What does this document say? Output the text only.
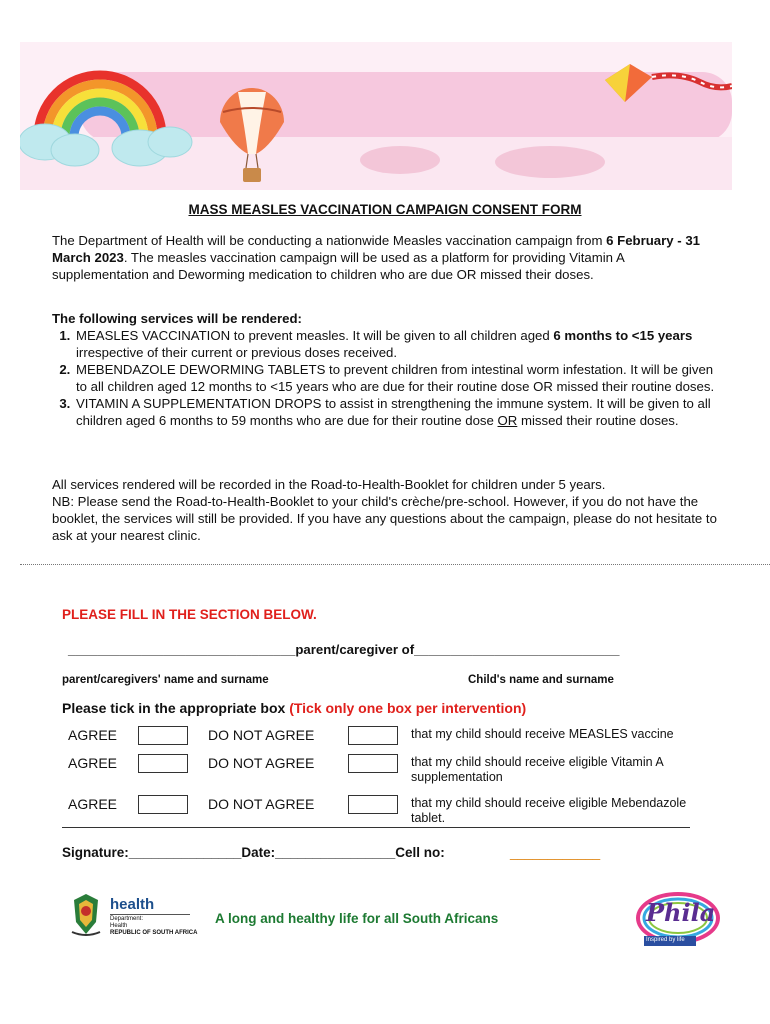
MASS MEASLES VACCINATION CAMPAIGN CONSENT FORM
The Department of Health will be conducting a nationwide Measles vaccination campaign from 6 February - 31 March 2023. The measles vaccination campaign will be used as a platform for providing Vitamin A supplementation and Deworming medication to children who are due OR missed their doses.
The following services will be rendered:
1. MEASLES VACCINATION to prevent measles. It will be given to all children aged 6 months to <15 years irrespective of their current or previous doses received.
2. MEBENDAZOLE DEWORMING TABLETS to prevent children from intestinal worm infestation. It will be given to all children aged 12 months to <15 years who are due for their routine dose OR missed their routine doses.
3. VITAMIN A SUPPLEMENTATION DROPS to assist in strengthening the immune system. It will be given to all children aged 6 months to 59 months who are due for their routine dose OR missed their routine doses.
All services rendered will be recorded in the Road-to-Health-Booklet for children under 5 years.
NB: Please send the Road-to-Health-Booklet to your child's crèche/pre-school. However, if you do not have the booklet, the services will still be provided. If you have any questions about the campaign, please do not hesitate to ask at your nearest clinic.
PLEASE FILL IN THE SECTION BELOW.
_______________________________parent/caregiver of____________________________
parent/caregivers' name and surname	Child's name and surname
Please tick in the appropriate box (Tick only one box per intervention)
AGREE	DO NOT AGREE	that my child should receive MEASLES vaccine
AGREE	DO NOT AGREE	that my child should receive eligible Vitamin A supplementation
AGREE	DO NOT AGREE	that my child should receive eligible Mebendazole tablet.
Signature:_______________Date:________________Cell no:	____________
health
Department:
Health
REPUBLIC OF SOUTH AFRICA
A long and healthy life for all South Africans	Phila
Inspired by life
